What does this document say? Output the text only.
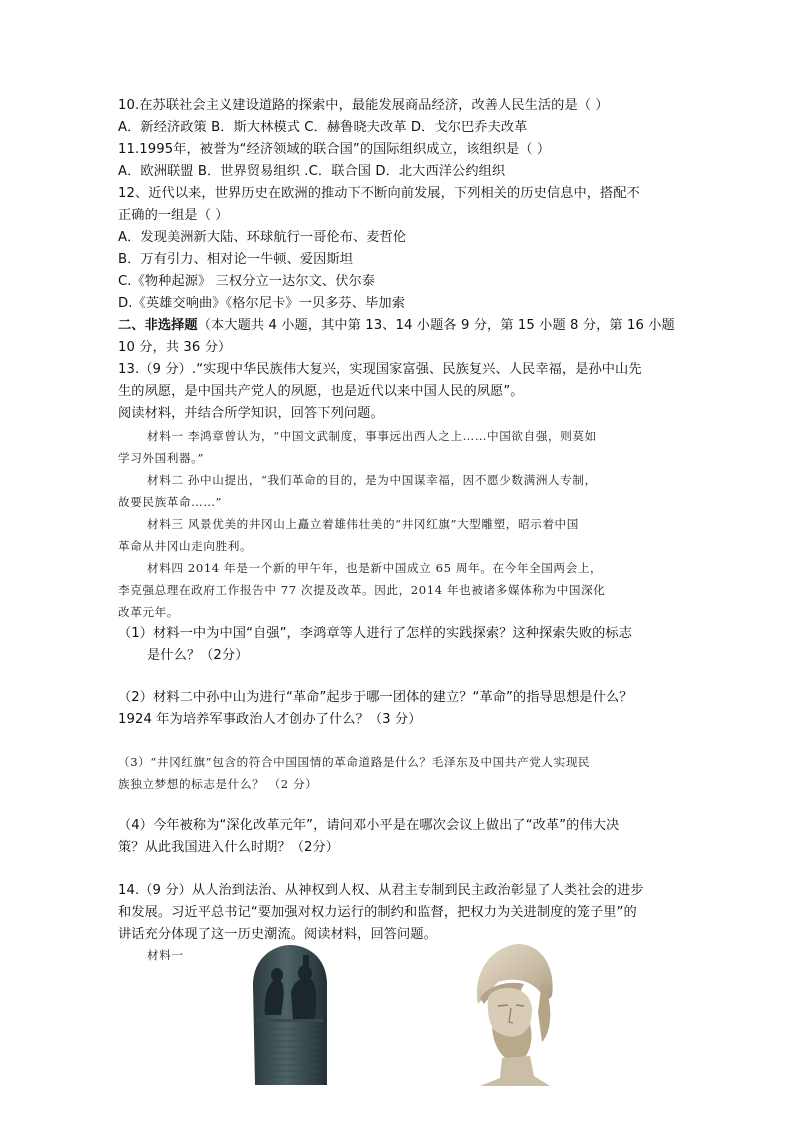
10.在苏联社会主义建设道路的探索中，最能发展商品经济，改善人民生活的是（ ）
A．新经济政策 B．斯大林模式 C．赫鲁晓夫改革 D．戈尔巴乔夫改革
11.1995年，被誉为“经济领域的联合国”的国际组织成立，该组织是（ ）
A．欧洲联盟 B．世界贸易组织 .C．联合国 D．北大西洋公约组织
12、近代以来，世界历史在欧洲的推动下不断向前发展，下列相关的历史信息中，搭配不
正确的一组是（ ）
A．发现美洲新大陆、环球航行一哥伦布、麦哲伦
B．万有引力、相对论一牛顿、爱因斯坦
C.《物种起源》 三权分立一达尔文、伏尔泰
D.《英雄交响曲》《格尔尼卡》一贝多芬、毕加索
二、非选择题（本大题共 4 小题，其中第 13、14 小题各 9 分，第 15 小题 8 分，第 16 小题
10 分，共 36 分）
13.（9 分）.“实现中华民族伟大复兴，实现国家富强、民族复兴、人民幸福，是孙中山先
生的夙愿，是中国共产党人的夙愿，也是近代以来中国人民的夙愿”。
阅读材料，并结合所学知识，回答下列问题。
材料一 李鸿章曾认为，“中国文武制度，事事远出西人之上……中国欲自强，则莫如
学习外国利器。”
材料二 孙中山提出，“我们革命的目的，是为中国谋幸福，因不愿少数满洲人专制，
故要民族革命……”
材料三 风景优美的井冈山上矗立着雄伟壮美的“井冈红旗”大型雕塑，昭示着中国
革命从井冈山走向胜利。
材料四 2014 年是一个新的甲午年，也是新中国成立 65 周年。在今年全国两会上，
李克强总理在政府工作报告中 77 次提及改革。因此，2014 年也被诸多媒体称为中国深化
改革元年。
（1）材料一中为中国“自强”，李鸿章等人进行了怎样的实践探索？这种探索失败的标志
是什么？（2分）
（2）材料二中孙中山为进行“革命”起步于哪一团体的建立？“革命”的指导思想是什么？
1924 年为培养军事政治人才创办了什么？（3 分）
（3）“井冈红旗”包含的符合中国国情的革命道路是什么？毛泽东及中国共产党人实现民
族独立梦想的标志是什么？ （2 分）
（4）今年被称为“深化改革元年”，请问邓小平是在哪次会议上做出了“改革”的伟大决
策？从此我国进入什么时期？（2分）
14.（9 分）从人治到法治、从神权到人权、从君主专制到民主政治彰显了人类社会的进步
和发展。习近平总书记“要加强对权力运行的制约和监督，把权力为关进制度的笼子里”的
讲话充分体现了这一历史潮流。阅读材料，回答问题。
材料一
